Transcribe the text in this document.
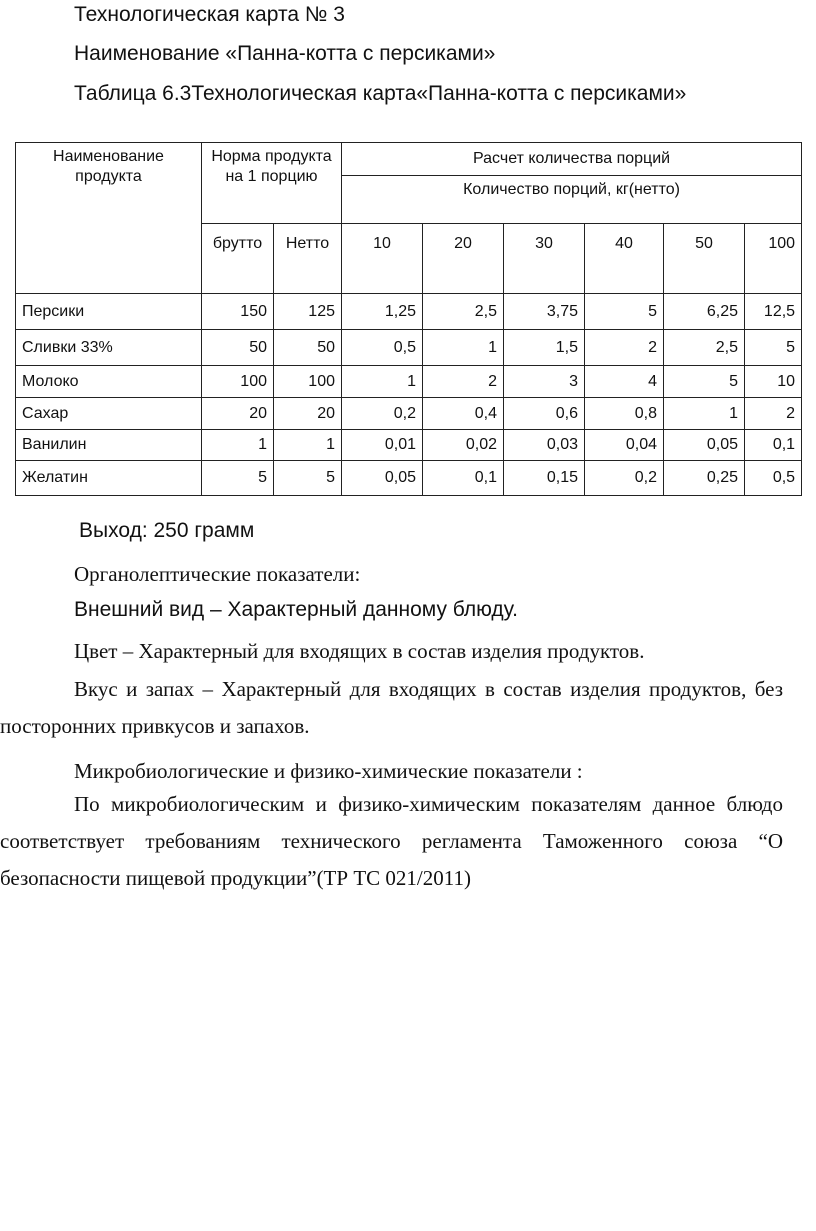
Технологическая карта № 3

Наименование «Панна-котта с персиками»

Таблица 6.3Технологическая карта«Панна-котта с персиками»

Наименование продукта	Норма продукта на 1 порцию		Расчет количества порций					
			Количество порций, кг(нетто)					
	брутто	Нетто	10	20	30	40	50	100
Персики	150	125	1,25	2,5	3,75	5	6,25	12,5
Сливки 33%	50	50	0,5	1	1,5	2	2,5	5
Молоко	100	100	1	2	3	4	5	10
Сахар	20	20	0,2	0,4	0,6	0,8	1	2
Ванилин	1	1	0,01	0,02	0,03	0,04	0,05	0,1
Желатин	5	5	0,05	0,1	0,15	0,2	0,25	0,5

Выход: 250 грамм

Органолептические показатели:

Внешний вид – Характерный данному блюду.

Цвет – Характерный для входящих в состав изделия продуктов.

Вкус и запах – Характерный для входящих в состав изделия продуктов, без посторонних привкусов и запахов.

Микробиологические и физико-химические показатели :

По микробиологическим и физико-химическим показателям данное блюдо соответствует требованиям технического регламента Таможенного союза “О безопасности пищевой продукции”(ТР ТС 021/2011)
